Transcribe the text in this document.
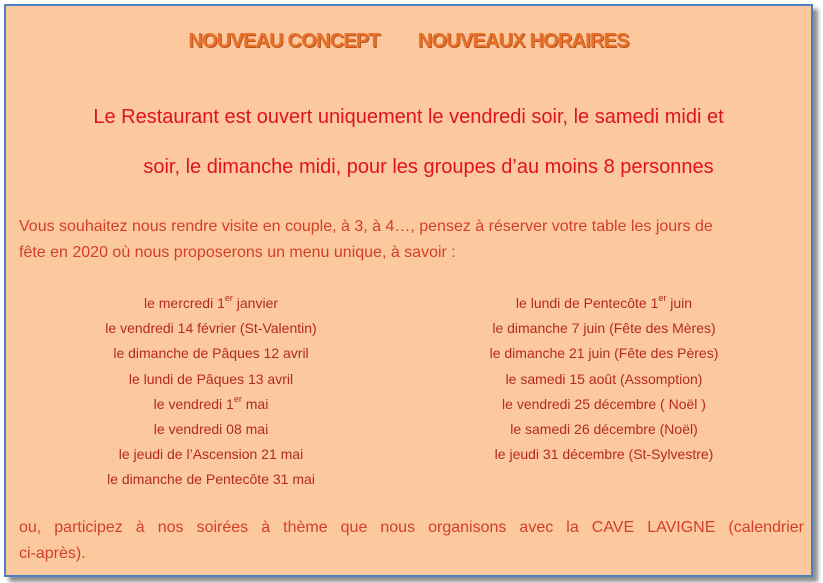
NOUVEAU CONCEPT NOUVEAUX HORAIRES
Le Restaurant est ouvert uniquement le vendredi soir, le samedi midi et
soir, le dimanche midi, pour les groupes d’au moins 8 personnes
Vous souhaitez nous rendre visite en couple, à 3, à 4…, pensez à réserver votre table les jours de
fête en 2020 où nous proposerons un menu unique, à savoir :
le mercredi 1er janvier
le vendredi 14 février (St-Valentin)
le dimanche de Pâques 12 avril
le lundi de Pâques 13 avril
le vendredi 1er mai
le vendredi 08 mai
le jeudi de l’Ascension 21 mai
le dimanche de Pentecôte 31 mai
le lundi de Pentecôte 1er juin
le dimanche 7 juin (Fête des Mères)
le dimanche 21 juin (Fête des Pères)
le samedi 15 août (Assomption)
le vendredi 25 décembre ( Noël )
le samedi 26 décembre (Noël)
le jeudi 31 décembre (St-Sylvestre)
ou, participez à nos soirées à thème que nous organisons avec la CAVE LAVIGNE (calendrier
ci-après).
